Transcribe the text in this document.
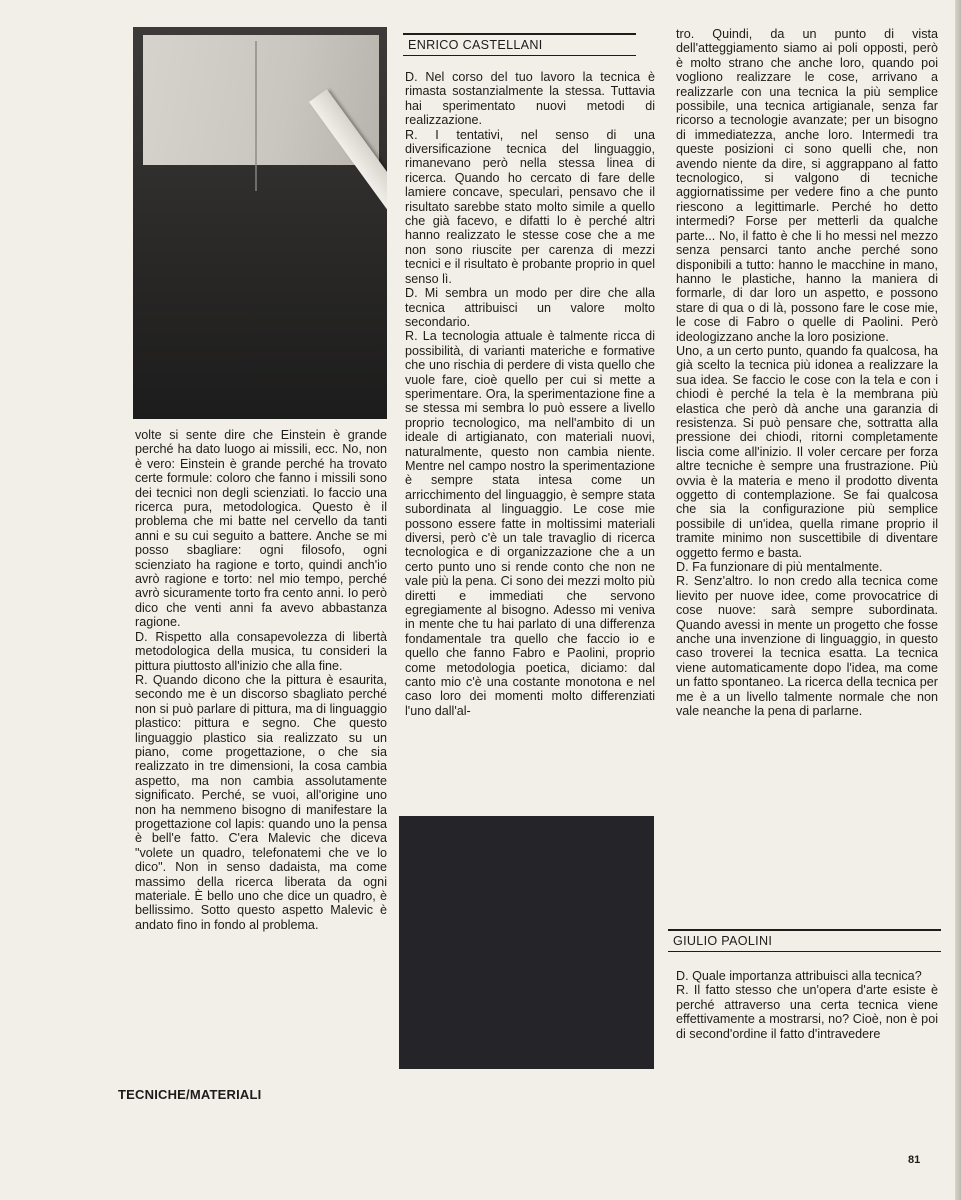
volte si sente dire che Einstein è grande perché ha dato luogo ai missili, ecc. No, non è vero: Einstein è grande perché ha trovato certe formule: coloro che fanno i missili sono dei tecnici non degli scienziati. Io faccio una ricerca pura, metodologica. Questo è il problema che mi batte nel cervello da tanti anni e su cui seguito a battere. Anche se mi posso sbagliare: ogni filosofo, ogni scienziato ha ragione e torto, quindi anch'io avrò ragione e torto: nel mio tempo, perché avrò sicuramente torto fra cento anni. Io però dico che venti anni fa avevo abbastanza ragione.

D. Rispetto alla consapevolezza di libertà metodologica della musica, tu consideri la pittura piuttosto all'inizio che alla fine.

R. Quando dicono che la pittura è esaurita, secondo me è un discorso sbagliato perché non si può parlare di pittura, ma di linguaggio plastico: pittura e segno. Che questo linguaggio plastico sia realizzato su un piano, come progettazione, o che sia realizzato in tre dimensioni, la cosa cambia aspetto, ma non cambia assolutamente significato. Perché, se vuoi, all'origine uno non ha nemmeno bisogno di manifestare la progettazione col lapis: quando uno la pensa è bell'e fatto. C'era Malevic che diceva "volete un quadro, telefonatemi che ve lo dico". Non in senso dadaista, ma come massimo della ricerca liberata da ogni materiale. È bello uno che dice un quadro, è bellissimo. Sotto questo aspetto Malevic è andato fino in fondo al problema.

ENRICO CASTELLANI

D. Nel corso del tuo lavoro la tecnica è rimasta sostanzialmente la stessa. Tuttavia hai sperimentato nuovi metodi di realizzazione.

R. I tentativi, nel senso di una diversificazione tecnica del linguaggio, rimanevano però nella stessa linea di ricerca. Quando ho cercato di fare delle lamiere concave, speculari, pensavo che il risultato sarebbe stato molto simile a quello che già facevo, e difatti lo è perché altri hanno realizzato le stesse cose che a me non sono riuscite per carenza di mezzi tecnici e il risultato è probante proprio in quel senso lì.

D. Mi sembra un modo per dire che alla tecnica attribuisci un valore molto secondario.

R. La tecnologia attuale è talmente ricca di possibilità, di varianti materiche e formative che uno rischia di perdere di vista quello che vuole fare, cioè quello per cui si mette a sperimentare. Ora, la sperimentazione fine a se stessa mi sembra lo può essere a livello proprio tecnologico, ma nell'ambito di un ideale di artigianato, con materiali nuovi, naturalmente, questo non cambia niente. Mentre nel campo nostro la sperimentazione è sempre stata intesa come un arricchimento del linguaggio, è sempre stata subordinata al linguaggio. Le cose mie possono essere fatte in moltissimi materiali diversi, però c'è un tale travaglio di ricerca tecnologica e di organizzazione che a un certo punto uno si rende conto che non ne vale più la pena. Ci sono dei mezzi molto più diretti e immediati che servono egregiamente al bisogno. Adesso mi veniva in mente che tu hai parlato di una differenza fondamentale tra quello che faccio io e quello che fanno Fabro e Paolini, proprio come metodologia poetica, diciamo: dal canto mio c'è una costante monotona e nel caso loro dei momenti molto differenziati l'uno dall'al-

tro. Quindi, da un punto di vista dell'atteggiamento siamo ai poli opposti, però è molto strano che anche loro, quando poi vogliono realizzare le cose, arrivano a realizzarle con una tecnica la più semplice possibile, una tecnica artigianale, senza far ricorso a tecnologie avanzate; per un bisogno di immediatezza, anche loro. Intermedi tra queste posizioni ci sono quelli che, non avendo niente da dire, si aggrappano al fatto tecnologico, si valgono di tecniche aggiornatissime per vedere fino a che punto riescono a legittimarle. Perché ho detto intermedi? Forse per metterli da qualche parte... No, il fatto è che li ho messi nel mezzo senza pensarci tanto anche perché sono disponibili a tutto: hanno le macchine in mano, hanno le plastiche, hanno la maniera di formarle, di dar loro un aspetto, e possono stare di qua o di là, possono fare le cose mie, le cose di Fabro o quelle di Paolini. Però ideologizzano anche la loro posizione.

Uno, a un certo punto, quando fa qualcosa, ha già scelto la tecnica più idonea a realizzare la sua idea. Se faccio le cose con la tela e con i chiodi è perché la tela è la membrana più elastica che però dà anche una garanzia di resistenza. Si può pensare che, sottratta alla pressione dei chiodi, ritorni completamente liscia come all'inizio. Il voler cercare per forza altre tecniche è sempre una frustrazione. Più ovvia è la materia e meno il prodotto diventa oggetto di contemplazione. Se fai qualcosa che sia la configurazione più semplice possibile di un'idea, quella rimane proprio il tramite minimo non suscettibile di diventare oggetto fermo e basta.

D. Fa funzionare di più mentalmente.

R. Senz'altro. Io non credo alla tecnica come lievito per nuove idee, come provocatrice di cose nuove: sarà sempre subordinata. Quando avessi in mente un progetto che fosse anche una invenzione di linguaggio, in questo caso troverei la tecnica esatta. La tecnica viene automaticamente dopo l'idea, ma come un fatto spontaneo. La ricerca della tecnica per me è a un livello talmente normale che non vale neanche la pena di parlarne.

GIULIO PAOLINI

D. Quale importanza attribuisci alla tecnica?

R. Il fatto stesso che un'opera d'arte esiste è perché attraverso una certa tecnica viene effettivamente a mostrarsi, no? Cioè, non è poi di second'ordine il fatto d'intravedere

TECNICHE/MATERIALI
81
